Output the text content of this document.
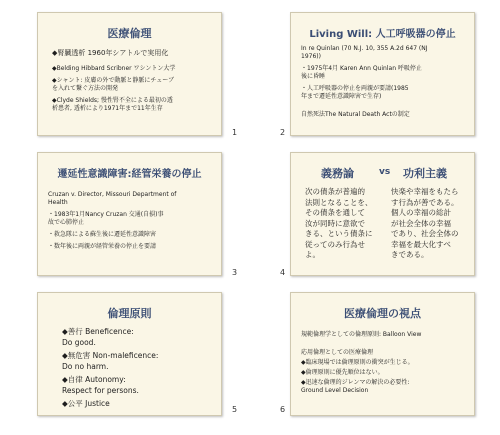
医療倫理
◆腎臓透析 1960年シアトルで実用化
◆Belding Hibbard Scribner ワシントン大学
◆シャント: 皮膚の外で動脈と静脈にチューブ
を入れて繋ぐ方法の開発
◆Clyde Shields; 慢性腎不全による最初の透
析患者, 透析により1971年まで11年生存
1
Living Will: 人工呼吸器の停止
In re Quinlan (70 N.J. 10, 355 A.2d 647 (NJ
1976))
・1975年4月 Karen Ann Quinlan 呼吸停止
後に昏睡
・人工呼吸器の停止を両親が要請(1985
年まで遷延性意識障害で生存)
自然死法The Natural Death Actの制定
2
遷延性意識障害:経管栄養の停止
Cruzan v. Director, Missouri Department of
Health
・1983年1月Nancy Cruzan 交通(自損)事
故で心肺停止
・救急隊による蘇生後に遷延性意識障害
・数年後に両親が経管栄養の停止を要請
3
義務論	vs 功利主義
次の債条が普遍的
法則となることを、
その債条を通して
汝が同時に意欲で
きる、という債条に
従ってのみ行為せ
よ。
快楽や幸福をもたら
す行為が善である。
個人の幸福の総計
が社会全体の幸福
であり、社会全体の
幸福を最大化すべ
きである。
4
倫理原則
◆善行 Beneficence:
Do good.
◆無危害 Non-maleficence:
Do no harm.
◆自律 Autonomy:
Respect for persons.
◆公平 Justice
5
医療倫理の視点
規範倫理学としての倫理原則: Balloon View
応用倫理としての医療倫理
◆臨床現場では倫理原則の衝突が生じる。
◆倫理原則に優先順位はない。
◆迅速な倫理的ジレンマの解決の必要性:
Ground Level Decision
6
